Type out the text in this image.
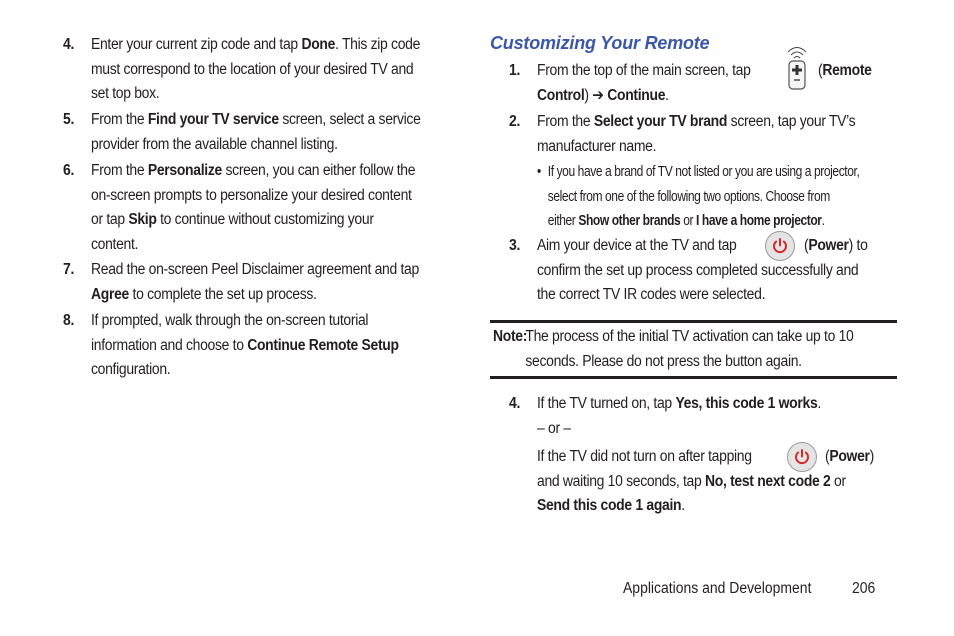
4. Enter your current zip code and tap Done. This zip code
must correspond to the location of your desired TV and
set top box.
5. From the Find your TV service screen, select a service
provider from the available channel listing.
6. From the Personalize screen, you can either follow the
on-screen prompts to personalize your desired content
or tap Skip to continue without customizing your
content.
7. Read the on-screen Peel Disclaimer agreement and tap
Agree to complete the set up process.
8. If prompted, walk through the on-screen tutorial
information and choose to Continue Remote Setup
configuration.
Customizing Your Remote
1. From the top of the main screen, tap
Control) ➔ Continue.
(Remote
2. From the Select your TV brand screen, tap your TV’s
manufacturer name.
• If you have a brand of TV not listed or you are using a projector,
select from one of the following two options. Choose from
either Show other brands or I have a home projector.
3. Aim your device at the TV and tap
confirm the set up process completed successfully and
the correct TV IR codes were selected.
(Power) to
Note:
The process of the initial TV activation can take up to 10
seconds. Please do not press the button again.
4. If the TV turned on, tap Yes, this code 1 works.
– or –
If the TV did not turn on after tapping
and waiting 10 seconds, tap No, test next code 2 or
Send this code 1 again.
(Power)
Applications and Development	206
